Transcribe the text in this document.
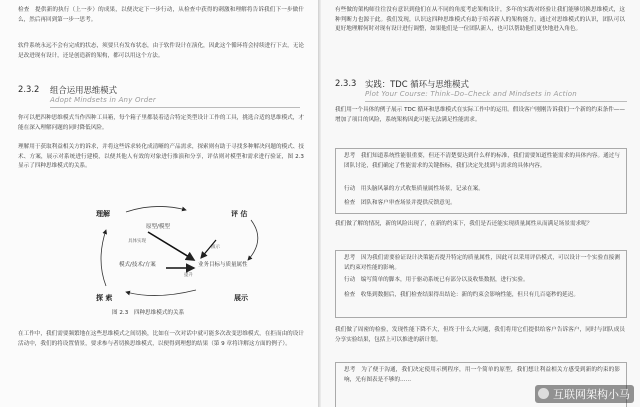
检查　提供新的执行（上一步）的成果，以便决定下一步行动，从检查中获得的刺激和理解将告诉我们下一步做什么，然后再回到第一步一思考。

软件系统永远不会有完成的状态，须要只有发布状态，由于软件设计在演化，因此这个循环将会持续进行下去，无论是改进现有设计，还是创造新的架构，都可以用这个方法。

2.3.2 组合运用思维模式
Adopt Mindsets in Any Order

你可以把四种思维模式当作四种工具箱，每个箱子里都装着适合特定类型设计工作的工具，挑选合适的思维模式，才能在深入理解问题的同时降低风险。

理解用于获取利益相关方的诉求，并将这些诉求转化成清晰的产品需求，探索则有助于寻找多种解决问题的模式、技术、方案，展示对系统进行建模，以便其他人有效的对象进行推演和分享，评估则对模型和需求进行验证，图 2.3 显示了四种思维模式的关系。

理解	评 估
探 索	展示
原型/模型
具体实现
模式/技术/方案	业务目标与质量属性
演示
提升
图 2.3　四种思维模式的关系

在工作中，我们需要频繁地在这些思维模式之间切换，比如在一次对话中就可能多次改变思维模式，在拒而由的设计活动中，我们的将设置情景，要求参与者切换思维模式，以便得到理想的结果（第 9 章将详解这方面的例子）。

有些做的架构师往往没有意识到他们在从不同的角度考虑架构设计，多年的实践对经验让我们能够切换思维模式，这种判断力也源于此。我们发现，认识这四种思维模式有助于培养新人的架构能力，通过对思维模式的认识，团队可以更好地理解何时对现有设计进行调整，如果他们是一位团队新人，也可以帮助他们更快地进入角色。

2.3.3 实践：TDC 循环与思维模式
Plot Your Course: Think–Do–Check and Mindsets in Action

我们用一个具体的例子展示 TDC 循环和思维模式在实际工作中的运用。假设客户刚刚告诉我们一个新的约束条件——增加了项目的风险，系统架构因此可能无法满足性能需求。

思考　我们知道系统性能很重要，但还不清楚要达到什么样的标准，我们需要知道性能需求的具体内容。通过与团队讨论，我们确定了性能需求的关键指标，我们决定先找到与需求的具体内容。

行动　用头脑风暴的方式收集质量属性场景，记录在案。

检查　团队和客户审查场景并提供反馈意见。

我们做了解的情况，新的风险出现了，在新的约束下，我们是否还能实现质量属性从而满足场景需求呢？

思考　因为我们需要验证设计决策能否提升特定的质量属性，因此可以采用评估模式，可以设计一个实验直接测试约束对性能的影响。

行动　编写简单的脚本，用于驱动系统已有部分以及收集数据，进行实验。

检查　收集到数据后，我们检查结果得出结论：新的约束会影响性能，但只有几百毫秒的延迟。

我们做了周密的检验，发现性能下降不大，但终于什么大问题，我们将用它们提供给客户告诉客户，同时与团队成员分享实验结果，包括上可以推进的新计划。

思考　为了便于沟通，我们决定使用示例程序，用一个简单的原型，我们想让利益相关方感受到新的约束的影响，光有图表是不够的……

互联网架构小马
